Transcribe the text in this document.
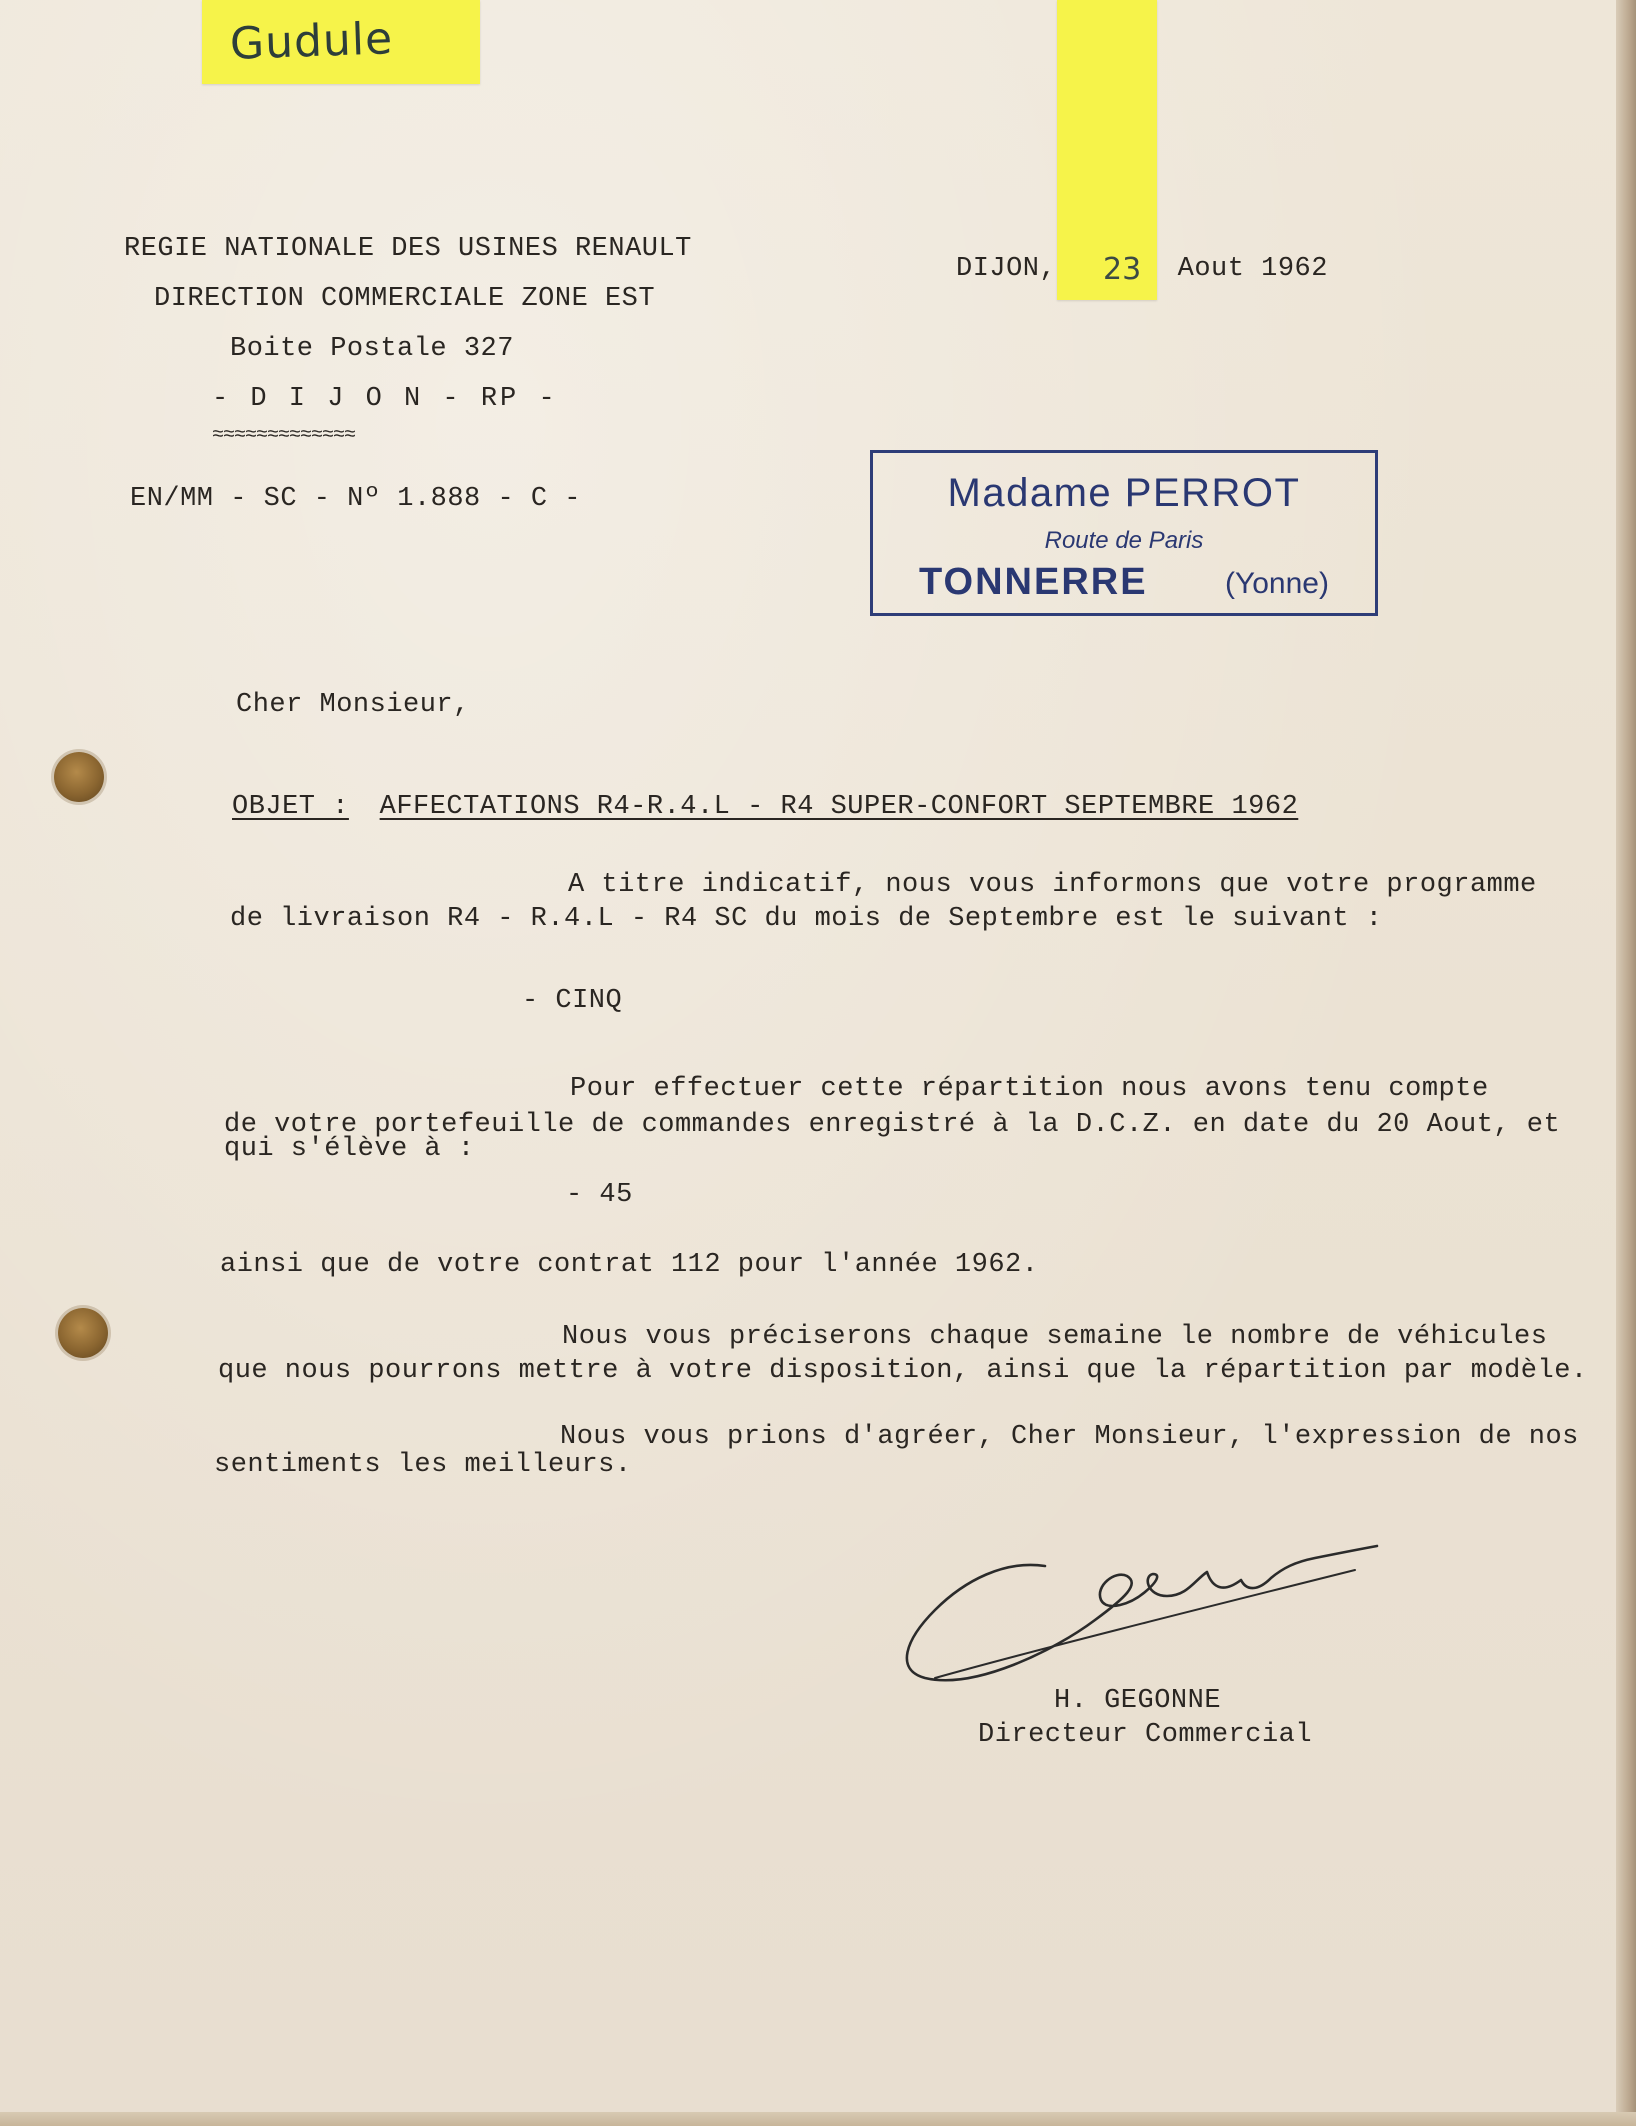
Gudule
REGIE NATIONALE DES USINES RENAULT
DIRECTION COMMERCIALE ZONE EST
Boite Postale 327
- D I J O N - RP -
≈≈≈≈≈≈≈≈≈≈≈≈≈
DIJON,	Aout 1962
23
EN/MM - SC - Nº 1.888 - C -	Madame PERROT
Route de Paris
TONNERRE	(Yonne)
Cher Monsieur,
OBJET : AFFECTATIONS R4-R.4.L - R4 SUPER-CONFORT SEPTEMBRE 1962
A titre indicatif, nous vous informons que votre programme
de livraison R4 - R.4.L - R4 SC du mois de Septembre est le suivant :
- CINQ
Pour effectuer cette répartition nous avons tenu compte
de votre portefeuille de commandes enregistré à la D.C.Z. en date du 20 Aout, et
qui s'élève à :
- 45
ainsi que de votre contrat 112 pour l'année 1962.
Nous vous préciserons chaque semaine le nombre de véhicules
que nous pourrons mettre à votre disposition, ainsi que la répartition par modèle.
Nous vous prions d'agréer, Cher Monsieur, l'expression de nos
sentiments les meilleurs.
H. GEGONNE
Directeur Commercial
